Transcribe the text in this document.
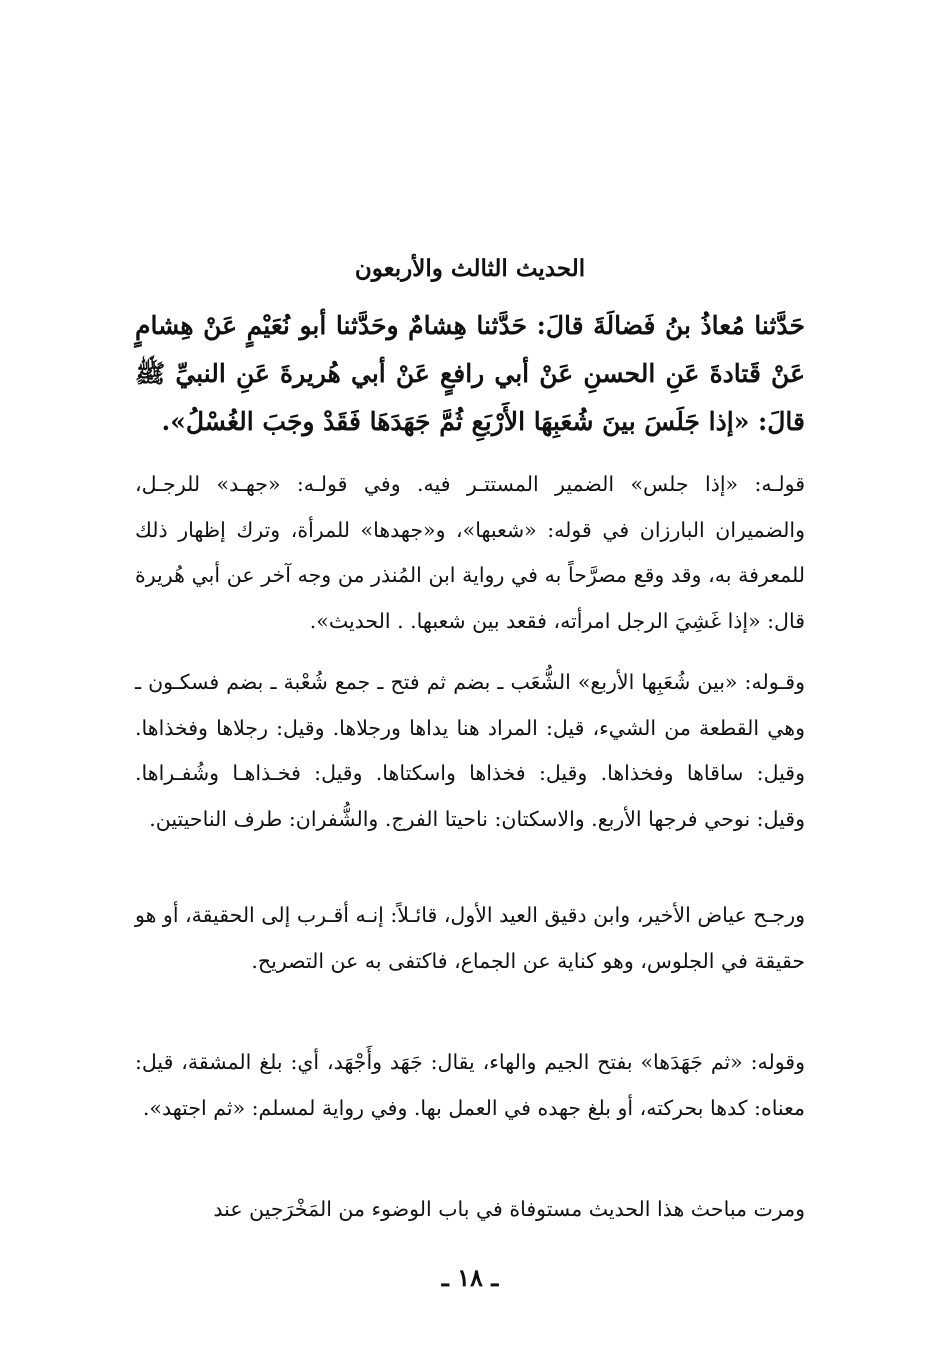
الحديث الثالث والأربعون
حَدَّثنا مُعاذُ بنُ فَضالَةَ قالَ: حَدَّثنا هِشامٌ وحَدَّثنا أبو نُعَيْمٍ عَنْ هِشامٍ عَنْ قَتادةَ عَنِ الحسنِ عَنْ أبي رافعٍ عَنْ أبي هُريرةَ عَنِ النبيِّ ﷺ قالَ: «إذا جَلَسَ بينَ شُعَبِهَا الأَرْبَعِ ثُمَّ جَهَدَهَا فَقَدْ وجَبَ الغُسْلُ».
قولـه: «إذا جلس» الضمير المستتـر فيه. وفي قولـه: «جهـد» للرجـل، والضميران البارزان في قوله: «شعبها»، و«جهدها» للمرأة، وترك إظهار ذلك للمعرفة به، وقد وقع مصرَّحاً به في رواية ابن المُنذر من وجه آخر عن أبي هُريرة قال: «إذا غَشِيَ الرجل امرأته، فقعد بين شعبها. . الحديث».
وقـوله: «بين شُعَبِها الأربع» الشُّعَب ـ بضم ثم فتح ـ جمع شُعْبة ـ بضم فسكـون ـ وهي القطعة من الشيء، قيل: المراد هنا يداها ورجلاها. وقيل: رجلاها وفخذاها. وقيل: ساقاها وفخذاها. وقيل: فخذاها واسكتاها. وقيل: فخـذاهـا وشُفـراها. وقيل: نوحي فرجها الأربع. والاسكتان: ناحيتا الفرج. والشُّفران: طرف الناحيتين.
ورجـح عياض الأخير، وابن دقيق العيد الأول، قائـلاً: إنـه أقـرب إلى الحقيقة، أو هو حقيقة في الجلوس، وهو كناية عن الجماع، فاكتفى به عن التصريح.
وقوله: «ثم جَهَدَها» بفتح الجيم والهاء، يقال: جَهَد وأَجْهَد، أي: بلغ المشقة، قيل: معناه: كدها بحركته، أو بلغ جهده في العمل بها. وفي رواية لمسلم: «ثم اجتهد».
ومرت مباحث هذا الحديث مستوفاة في باب الوضوء من المَخْرَجين عند
ـ ١٨ ـ
